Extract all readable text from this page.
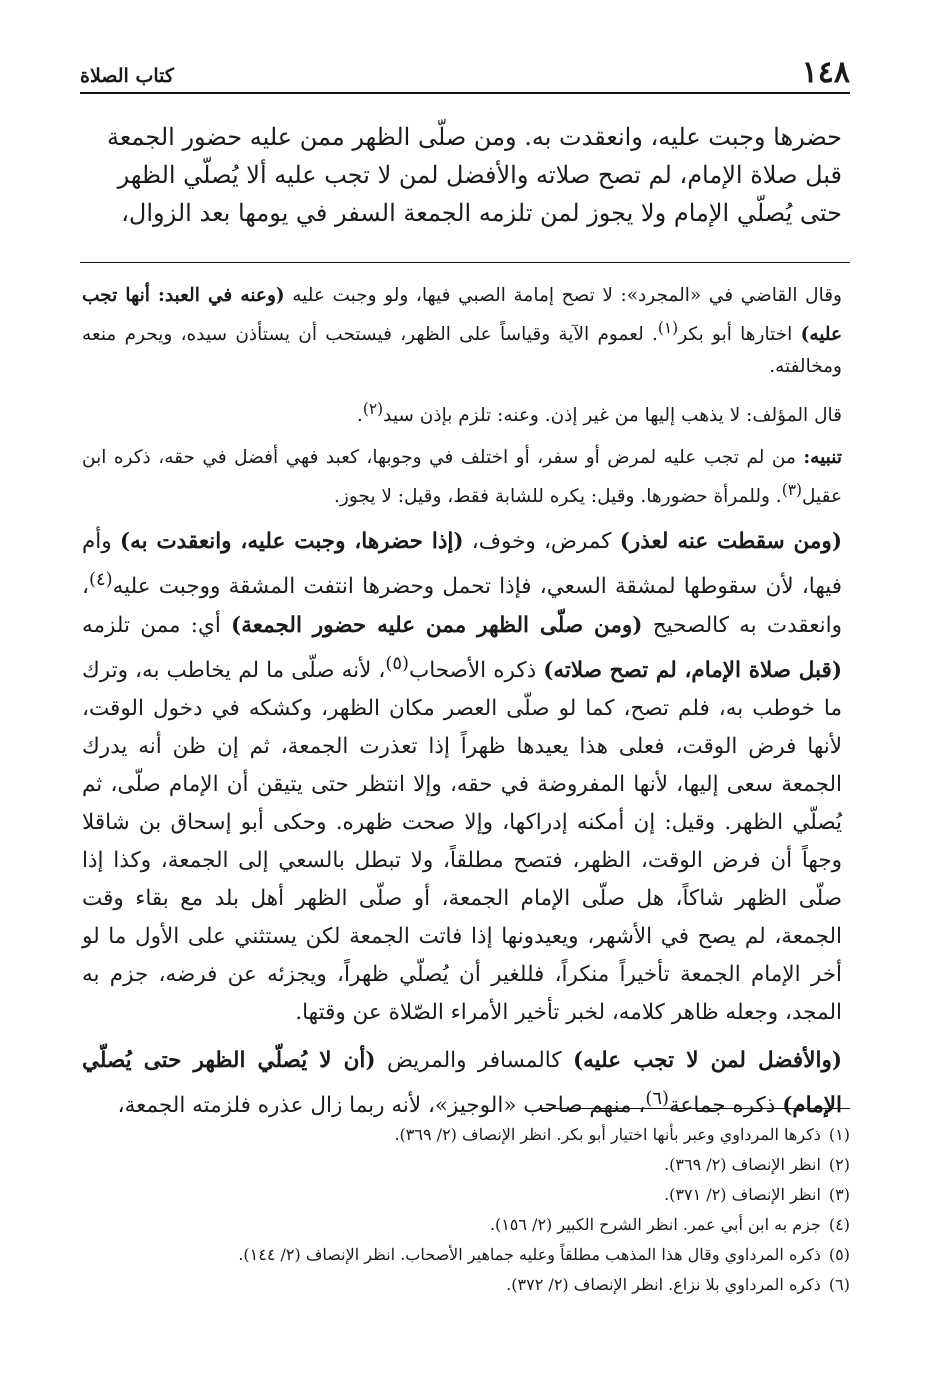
١٤٨
كتاب الصلاة
حضرها وجبت عليه، وانعقدت به. ومن صلّى الظهر ممن عليه حضور الجمعة
قبل صلاة الإمام، لم تصح صلاته والأفضل لمن لا تجب عليه ألا يُصلّي الظهر
حتى يُصلّي الإمام ولا يجوز لمن تلزمه الجمعة السفر في يومها بعد الزوال،

وقال القاضي في «المجرد»: لا تصح إمامة الصبي فيها، ولو وجبت عليه (وعنه في العبد: أنها تجب عليه) اختارها أبو بكر$^{(١)}$. لعموم الآية وقياساً على الظهر، فيستحب أن يستأذن سيده، ويحرم منعه ومخالفته.

قال المؤلف: لا يذهب إليها من غير إذن. وعنه: تلزم بإذن سيد$^{(٢)}$.

تنبيه: من لم تجب عليه لمرض أو سفر، أو اختلف في وجوبها، كعبد فهي أفضل في حقه، ذكره ابن عقيل$^{(٣)}$. وللمرأة حضورها. وقيل: يكره للشابة فقط، وقيل: لا يجوز.

(ومن سقطت عنه لعذر) كمرض، وخوف، (إذا حضرها، وجبت عليه، وانعقدت به) وأم فيها، لأن سقوطها لمشقة السعي، فإذا تحمل وحضرها انتفت المشقة ووجبت عليه$^{(٤)}$، وانعقدت به كالصحيح (ومن صلّى الظهر ممن عليه حضور الجمعة) أي: ممن تلزمه (قبل صلاة الإمام، لم تصح صلاته) ذكره الأصحاب$^{(٥)}$، لأنه صلّى ما لم يخاطب به، وترك ما خوطب به، فلم تصح، كما لو صلّى العصر مكان الظهر، وكشكه في دخول الوقت، لأنها فرض الوقت، فعلى هذا يعيدها ظهراً إذا تعذرت الجمعة، ثم إن ظن أنه يدرك الجمعة سعى إليها، لأنها المفروضة في حقه، وإلا انتظر حتى يتيقن أن الإمام صلّى، ثم يُصلّي الظهر. وقيل: إن أمكنه إدراكها، وإلا صحت ظهره. وحكى أبو إسحاق بن شاقلا وجهاً أن فرض الوقت، الظهر، فتصح مطلقاً، ولا تبطل بالسعي إلى الجمعة، وكذا إذا صلّى الظهر شاكاً، هل صلّى الإمام الجمعة، أو صلّى الظهر أهل بلد مع بقاء وقت الجمعة، لم يصح في الأشهر، ويعيدونها إذا فاتت الجمعة لكن يستثني على الأول ما لو أخر الإمام الجمعة تأخيراً منكراً، فللغير أن يُصلّي ظهراً، ويجزئه عن فرضه، جزم به المجد، وجعله ظاهر كلامه، لخبر تأخير الأمراء الصّلاة عن وقتها.

(والأفضل لمن لا تجب عليه) كالمسافر والمريض (أن لا يُصلّي الظهر حتى يُصلّي الإمام) ذكره جماعة$^{(٦)}$، منهم صاحب «الوجيز»، لأنه ربما زال عذره فلزمته الجمعة،

(١)ذكرها المرداوي وعبر بأنها اختيار أبو بكر. انظر الإنصاف (٢/ ٣٦٩).
(٢)انظر الإنصاف (٢/ ٣٦٩).
(٣)انظر الإنصاف (٢/ ٣٧١).
(٤)جزم به ابن أبي عمر. انظر الشرح الكبير (٢/ ١٥٦).
(٥)ذكره المرداوي وقال هذا المذهب مطلقاً وعليه جماهير الأصحاب. انظر الإنصاف (٢/ ١٤٤).
(٦)ذكره المرداوي بلا نزاع. انظر الإنصاف (٢/ ٣٧٢).
